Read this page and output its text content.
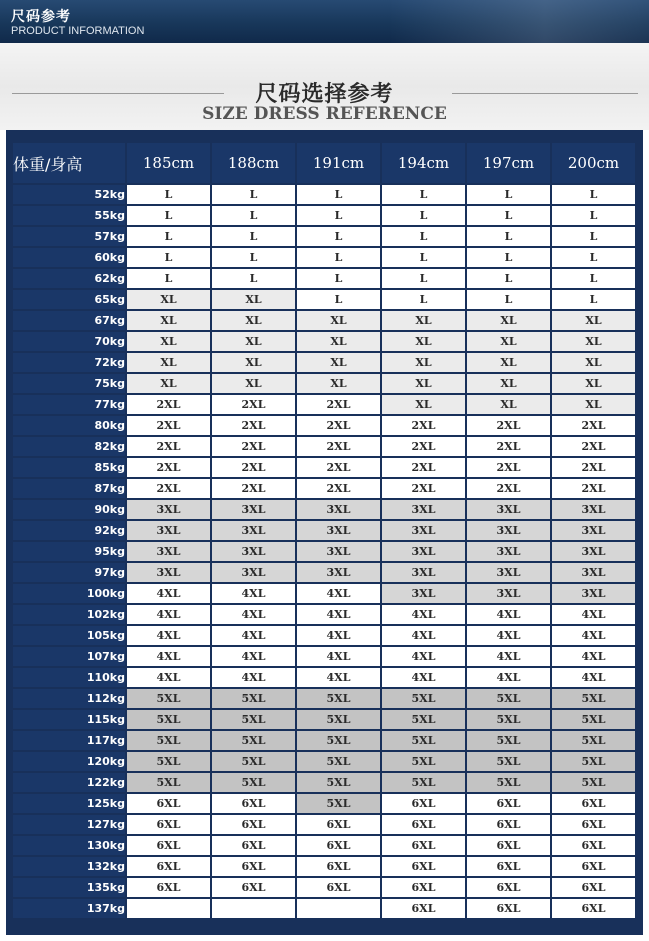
尺码参考
PRODUCT INFORMATION
尺码选择参考
SIZE DRESS REFERENCE
体重/身高	185cm	188cm	191cm	194cm	197cm	200cm
52kg	L	L	L	L	L	L
55kg	L	L	L	L	L	L
57kg	L	L	L	L	L	L
60kg	L	L	L	L	L	L
62kg	L	L	L	L	L	L
65kg	XL	XL	L	L	L	L
67kg	XL	XL	XL	XL	XL	XL
70kg	XL	XL	XL	XL	XL	XL
72kg	XL	XL	XL	XL	XL	XL
75kg	XL	XL	XL	XL	XL	XL
77kg	2XL	2XL	2XL	XL	XL	XL
80kg	2XL	2XL	2XL	2XL	2XL	2XL
82kg	2XL	2XL	2XL	2XL	2XL	2XL
85kg	2XL	2XL	2XL	2XL	2XL	2XL
87kg	2XL	2XL	2XL	2XL	2XL	2XL
90kg	3XL	3XL	3XL	3XL	3XL	3XL
92kg	3XL	3XL	3XL	3XL	3XL	3XL
95kg	3XL	3XL	3XL	3XL	3XL	3XL
97kg	3XL	3XL	3XL	3XL	3XL	3XL
100kg	4XL	4XL	4XL	3XL	3XL	3XL
102kg	4XL	4XL	4XL	4XL	4XL	4XL
105kg	4XL	4XL	4XL	4XL	4XL	4XL
107kg	4XL	4XL	4XL	4XL	4XL	4XL
110kg	4XL	4XL	4XL	4XL	4XL	4XL
112kg	5XL	5XL	5XL	5XL	5XL	5XL
115kg	5XL	5XL	5XL	5XL	5XL	5XL
117kg	5XL	5XL	5XL	5XL	5XL	5XL
120kg	5XL	5XL	5XL	5XL	5XL	5XL
122kg	5XL	5XL	5XL	5XL	5XL	5XL
125kg	6XL	6XL	5XL	6XL	6XL	6XL
127kg	6XL	6XL	6XL	6XL	6XL	6XL
130kg	6XL	6XL	6XL	6XL	6XL	6XL
132kg	6XL	6XL	6XL	6XL	6XL	6XL
135kg	6XL	6XL	6XL	6XL	6XL	6XL
137kg				6XL	6XL	6XL
